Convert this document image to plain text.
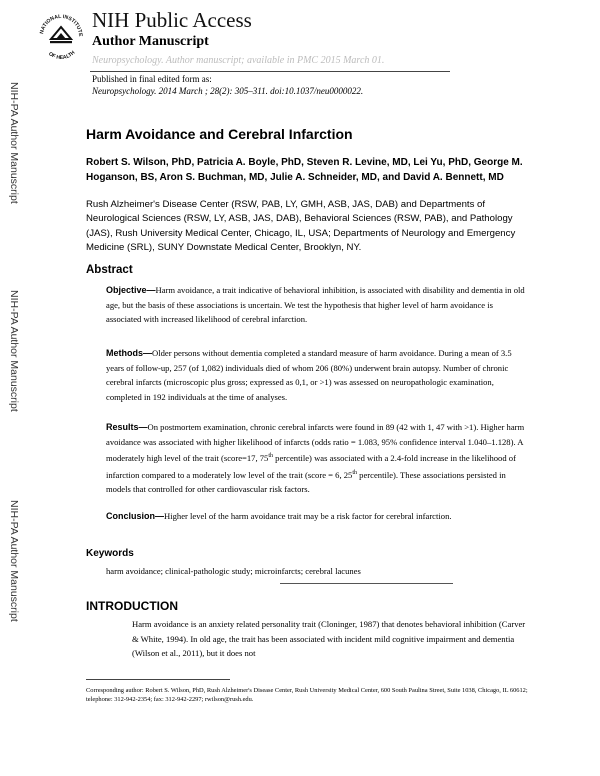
NATIONAL INSTITUTE
OF HEALTH
NIH Public Access
Author Manuscript
Neuropsychology. Author manuscript; available in PMC 2015 March 01.
Published in final edited form as:
Neuropsychology. 2014 March ; 28(2): 305–311. doi:10.1037/neu0000022.
NIH-PA Author Manuscript
NIH-PA Author Manuscript
NIH-PA Author Manuscript
Harm Avoidance and Cerebral Infarction
Robert S. Wilson, PhD, Patricia A. Boyle, PhD, Steven R. Levine, MD, Lei Yu, PhD, George M. Hoganson, BS, Aron S. Buchman, MD, Julie A. Schneider, MD, and David A. Bennett, MD
Rush Alzheimer's Disease Center (RSW, PAB, LY, GMH, ASB, JAS, DAB) and Departments of Neurological Sciences (RSW, LY, ASB, JAS, DAB), Behavioral Sciences (RSW, PAB), and Pathology (JAS), Rush University Medical Center, Chicago, IL, USA; Departments of Neurology and Emergency Medicine (SRL), SUNY Downstate Medical Center, Brooklyn, NY.
Abstract
Objective—Harm avoidance, a trait indicative of behavioral inhibition, is associated with disability and dementia in old age, but the basis of these associations is uncertain. We test the hypothesis that higher level of harm avoidance is associated with increased likelihood of cerebral infarction.
Methods—Older persons without dementia completed a standard measure of harm avoidance. During a mean of 3.5 years of follow-up, 257 (of 1,082) individuals died of whom 206 (80%) underwent brain autopsy. Number of chronic cerebral infarcts (microscopic plus gross; expressed as 0,1, or >1) was assessed on neuropathologic examination, completed in 192 individuals at the time of analyses.
Results—On postmortem examination, chronic cerebral infarcts were found in 89 (42 with 1, 47 with >1). Higher harm avoidance was associated with higher likelihood of infarcts (odds ratio = 1.083, 95% confidence interval 1.040–1.128). A moderately high level of the trait (score=17, 75th percentile) was associated with a 2.4-fold increase in the likelihood of infarction compared to a moderately low level of the trait (score = 6, 25th percentile). These associations persisted in models that controlled for other cardiovascular risk factors.
Conclusion—Higher level of the harm avoidance trait may be a risk factor for cerebral infarction.
Keywords
harm avoidance; clinical-pathologic study; microinfarcts; cerebral lacunes
INTRODUCTION
Harm avoidance is an anxiety related personality trait (Cloninger, 1987) that denotes behavioral inhibition (Carver & White, 1994). In old age, the trait has been associated with incident mild cognitive impairment and dementia (Wilson et al., 2011), but it does not
Corresponding author: Robert S. Wilson, PhD, Rush Alzheimer's Disease Center, Rush University Medical Center, 600 South Paulina Street, Suite 1038, Chicago, IL 60612; telephone: 312-942-2354; fax: 312-942-2297; rwilson@rush.edu.
